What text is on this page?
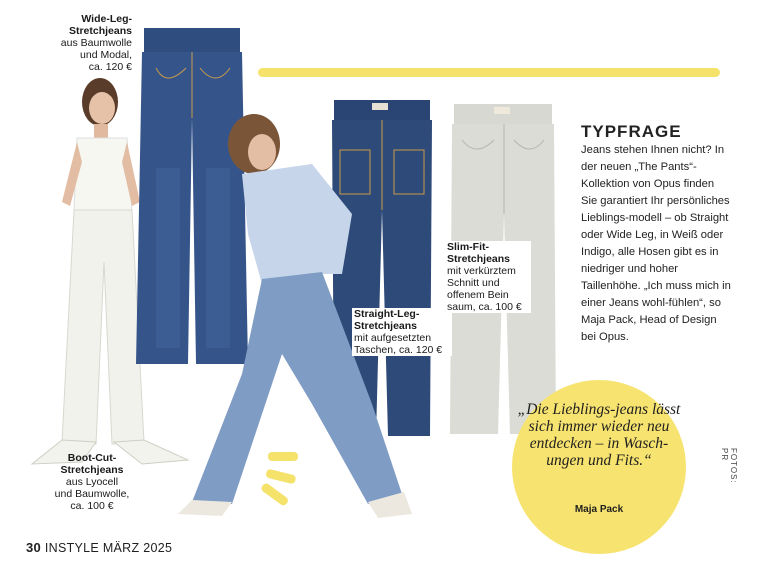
Wide-Leg-
Stretchjeans
aus Baumwolle
und Modal,
ca. 120 €
Boot-Cut-
Stretchjeans
aus Lyocell
und Baumwolle,
ca. 100 €
Straight-Leg-
Stretchjeans
mit aufgesetzten
Taschen, ca. 120 €
Slim-Fit-
Stretchjeans
mit verkürztem
Schnitt und
offenem Bein
saum, ca. 100 €
TYPFRAGE
Jeans stehen Ihnen nicht? In der neuen „The Pants“-Kollektion von Opus finden Sie garantiert Ihr persönliches Lieblings-modell – ob Straight oder Wide Leg, in Weiß oder Indigo, alle Hosen gibt es in niedriger und hoher Taillenhöhe. „Ich muss mich in einer Jeans wohl-fühlen“, so Maja Pack, Head of Design bei Opus.
„Die Lieblings-jeans lässt sich immer wieder neu entdecken – in Wasch-ungen und Fits.“
Maja Pack
FOTOS: PR
30 INSTYLE MÄRZ 2025
